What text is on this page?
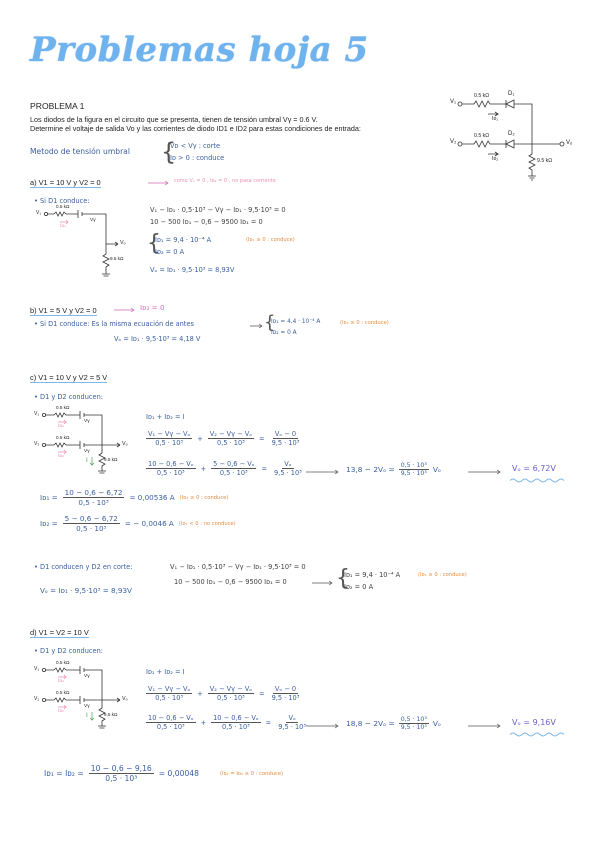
Problemas hoja 5
PROBLEMA 1
Los diodos de la figura en el circuito que se presenta, tienen de tensión umbral Vγ = 0.6 V.
Determine el voltaje de salida Vo y las corrientes de diodo ID1 e ID2 para estas condiciones de entrada:
V₁
V₂
0.5 kΩ
0.5 kΩ
9.5 kΩ
D₁
D₂
Iᴅ₁
Iᴅ₂
Vₒ
Metodo de tensión umbral {
Vᴅ < Vγ : corte
Iᴅ > 0 : conduce
a) V1 = 10 V y V2 = 0	como Vₒ = 0 , Iᴅ₂ = 0 , no pasa corriente
• Si D1 conduce:
V₁
0.5 kΩ
Vγ
Iᴅ₁
Vₒ
9.5 kΩ
V₁ − Iᴅ₁ · 0,5·10³ − Vγ − Iᴅ₁ · 9,5·10³ = 0
10 − 500 Iᴅ₁ − 0,6 − 9500 Iᴅ₁ = 0
{
Iᴅ₁ = 9,4 · 10⁻⁴ A	(Iᴅ₁ ≥ 0 : conduce)
Iᴅ₂ = 0 A
Vₒ = Iᴅ₁ · 9,5·10³ = 8,93V
b) V1 = 5 V y V2 = 0	Iᴅ₂ = 0
• Si D1 conduce: Es la misma ecuación de antes	{
Iᴅ₁ = 4,4 · 10⁻⁴ A	(Iᴅ₁ ≥ 0 : conduce)
Iᴅ₂ = 0 A
Vₒ = Iᴅ₁ · 9,5·10³ = 4,18 V
c) V1 = 10 V y V2 = 5 V
• D1 y D2 conducen:
V₁
V₂
0.5 kΩ
0.5 kΩ
9.5 kΩ
Vγ
Vγ
Iᴅ₁
Iᴅ₂
I
Vₒ
Iᴅ₁ + Iᴅ₂ = I
$\frac{\text{V₁ − Vγ − Vₒ}}{\text{0,5 · 10³}} + \frac{\text{V₂ − Vγ − Vₒ}}{\text{0,5 · 10³}} = \frac{\text{Vₒ − 0}}{\text{9,5 · 10³}}$
$\frac{\text{10 − 0,6 − Vₒ}}{\text{0,5 · 10³}} + \frac{\text{5 − 0,6 − Vₒ}}{\text{0,5 · 10³}} = \frac{\text{Vₒ}}{\text{9,5 · 10³}}$	$13,8 - 2V_o = \frac{\text{0,5 · 10³}}{\text{9,5 · 10³}}$ Vₒ	Vₒ = 6,72V
Iᴅ₁ = $\frac{10 - 0,6 - 6,72}{\text{0,5 · 10³}} = 0,00536$ A (Iᴅ₁ ≥ 0 : conduce)
Iᴅ₂ = $\frac{5 - 0,6 - 6,72}{\text{0,5 · 10³}}$ = − 0,0046 A (Iᴅ₂ < 0 : no conduce)
• D1 conducen y D2 en corte:	V₁ − Iᴅ₁ · 0,5·10³ − Vγ − Iᴅ₁ · 9,5·10³ = 0
10 − 500 Iᴅ₁ − 0,6 − 9500 Iᴅ₁ = 0
Vₒ = Iᴅ₁ · 9,5·10³ = 8,93V	{
Iᴅ₁ = 9,4 · 10⁻⁴ A	(Iᴅ₁ ≥ 0 : conduce)
Iᴅ₂ = 0 A
d) V1 = V2 = 10 V
• D1 y D2 conducen:
V₁
V₂
0.5 kΩ
0.5 kΩ
9.5 kΩ
Vγ
Vγ
Iᴅ₁
Iᴅ₂
I
Vₒ
Iᴅ₁ + Iᴅ₂ = I
$\frac{\text{V₁ − Vγ − Vₒ}}{\text{0,5 · 10³}} + \frac{\text{V₂ − Vγ − Vₒ}}{\text{0,5 · 10³}} = \frac{\text{Vₒ − 0}}{\text{9,5 · 10³}}$
$\frac{\text{10 − 0,6 − Vₒ}}{\text{0,5 · 10³}} + \frac{\text{10 − 0,6 − Vₒ}}{\text{0,5 · 10³}} = \frac{\text{Vₒ}}{\text{9,5 · 10³}}$	$18,8 - 2V_o = \frac{\text{0,5 · 10³}}{\text{9,5 · 10³}}$ Vₒ	Vₒ = 9,16V
Iᴅ₁ = Iᴅ₂ = $\frac{10 - 0,6 - 9,16}{\text{0,5 · 10³}} = 0,00048$	(Iᴅ₁ = Iᴅ₂ ≥ 0 : conduce)
